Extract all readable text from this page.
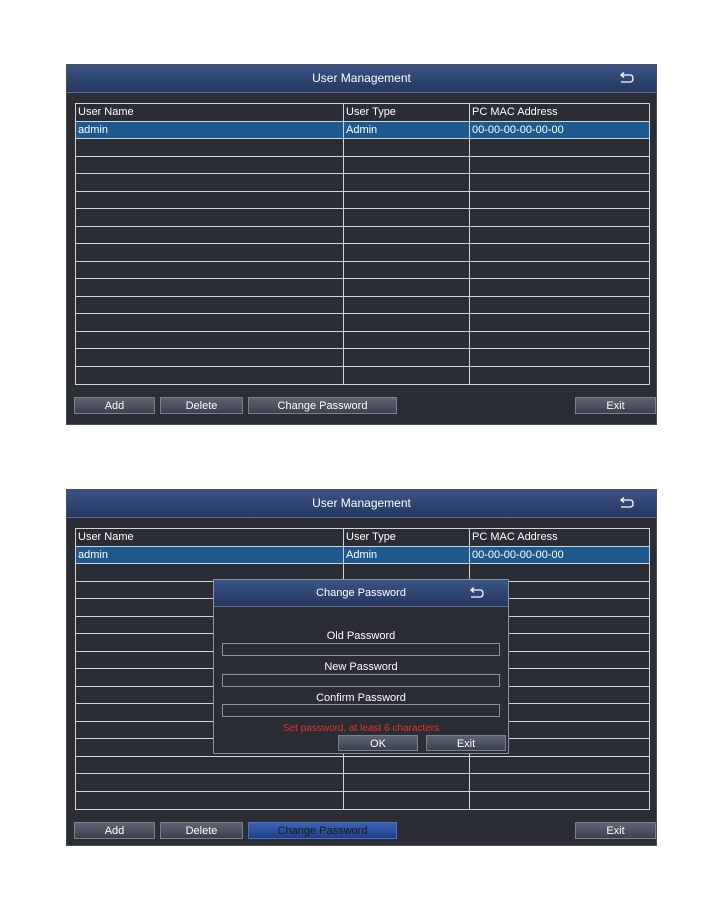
User Management
User Name	User Type	PC MAC Address
admin	Admin	00-00-00-00-00-00
Add	Delete	Change Password	Exit
User Management
User Name	User Type	PC MAC Address
admin	Admin	00-00-00-00-00-00
Add	Delete	Change Password	Exit
Change Password
Old Password
New Password
Confirm Password
Set password, at least 6 characters
OK	Exit
